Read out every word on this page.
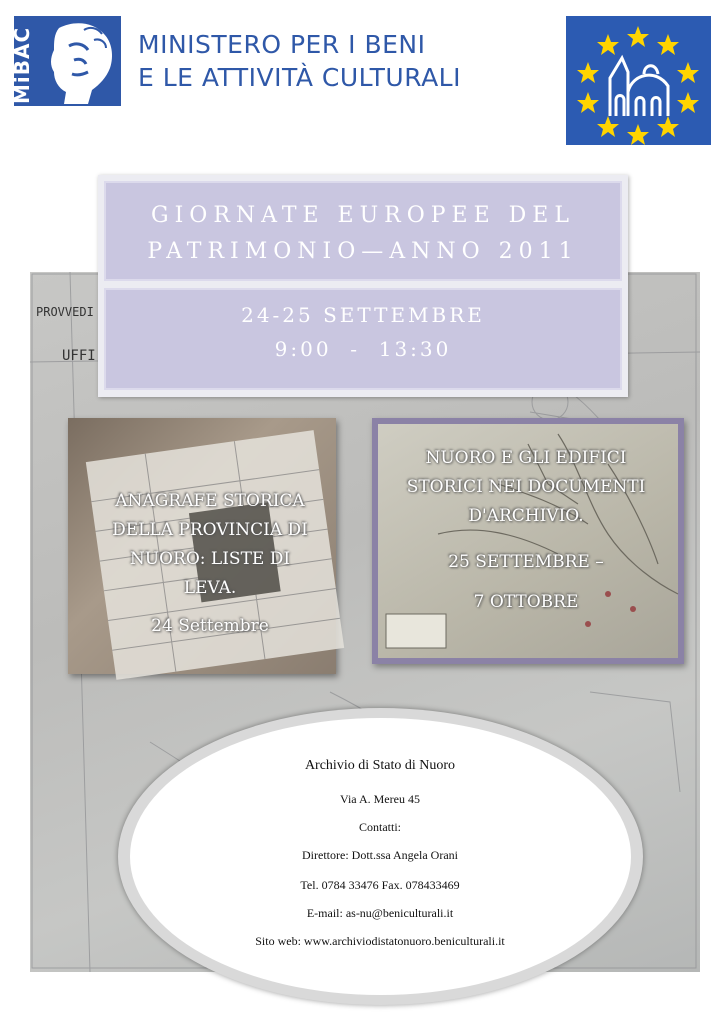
MiBAC	MINISTERO PER I BENI
E LE ATTIVITÀ CULTURALI
PROVVEDI
UFFI
GIORNATE EUROPEE DEL
PATRIMONIO—ANNO 2011
24-25 SETTEMBRE
9:00  -  13:30
ANAGRAFE STORICA
DELLA PROVINCIA DI
NUORO: LISTE DI
LEVA.
24 Settembre
NUORO E GLI EDIFICI
STORICI NEI DOCUMENTI
D'ARCHIVIO.
25 SETTEMBRE –
7 OTTOBRE
Archivio di Stato di Nuoro
Via A. Mereu 45
Contatti:
Direttore: Dott.ssa Angela Orani
Tel. 0784 33476 Fax. 078433469
E-mail: as-nu@beniculturali.it
Sito web: www.archiviodistatonuoro.beniculturali.it
